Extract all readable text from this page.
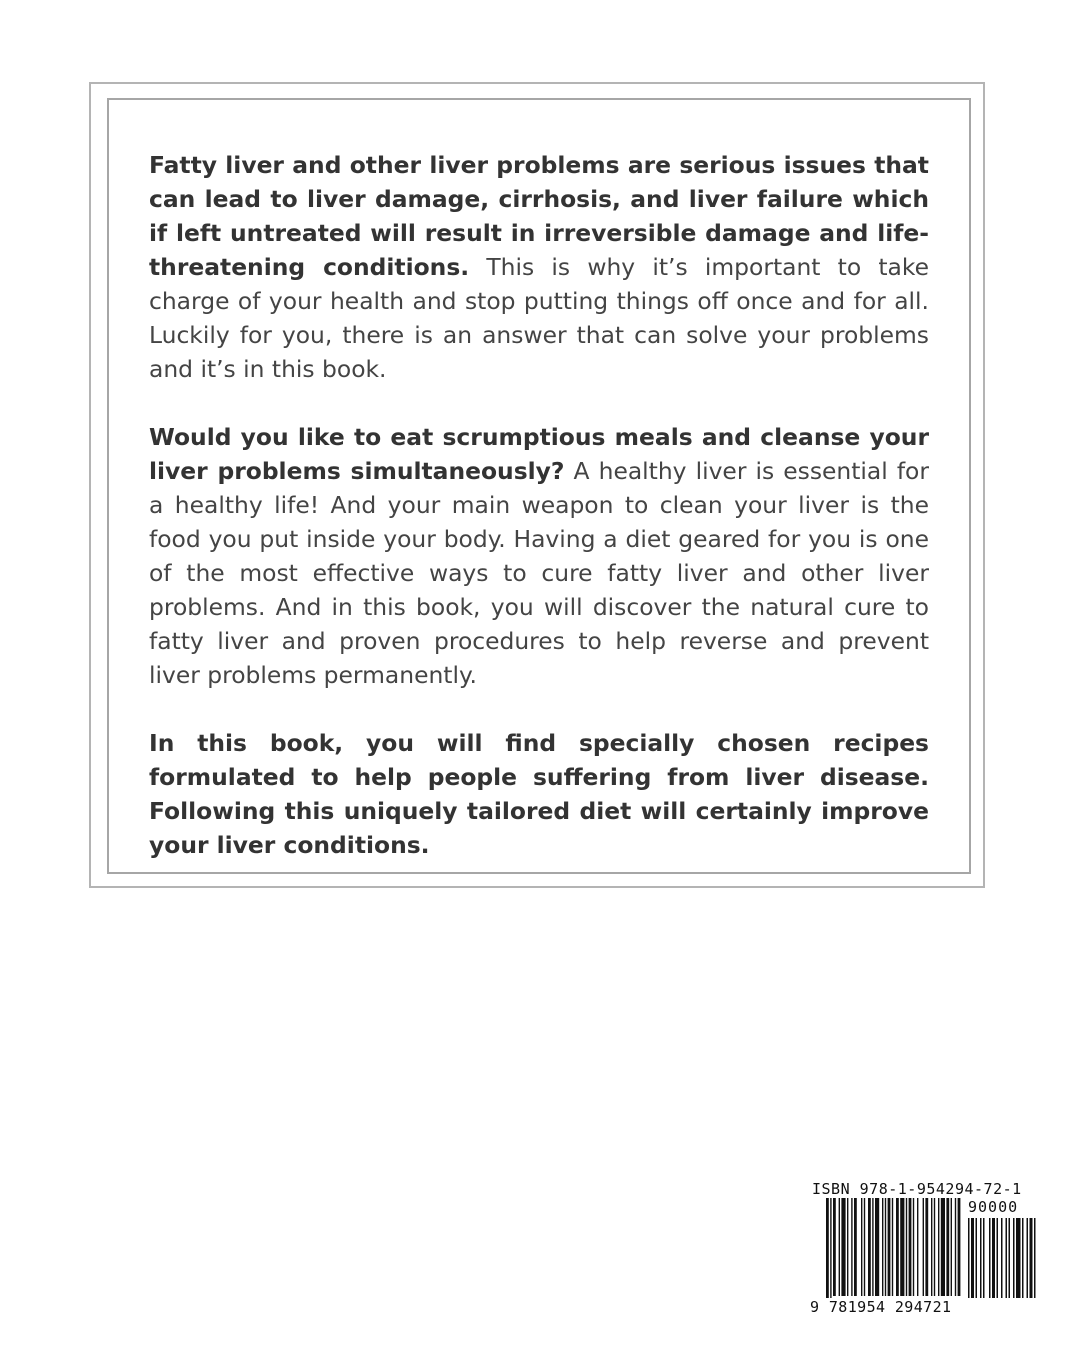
Fatty liver and other liver problems are serious issues that can lead to liver damage, cirrhosis, and liver failure which if left untreated will result in irreversible damage and life-threatening conditions. This is why it’s important to take charge of your health and stop putting things off once and for all. Luckily for you, there is an answer that can solve your problems and it’s in this book.

Would you like to eat scrumptious meals and cleanse your liver problems simultaneously? A healthy liver is essential for a healthy life! And your main weapon to clean your liver is the food you put inside your body. Having a diet geared for you is one of the most effective ways to cure fatty liver and other liver problems. And in this book, you will discover the natural cure to fatty liver and proven procedures to help reverse and prevent liver problems permanently.

In this book, you will find specially chosen recipes formulated to help people suffering from liver disease. Following this uniquely tailored diet will certainly improve your liver conditions.

ISBN 978-1-954294-72-1
90000
9 781954 294721
